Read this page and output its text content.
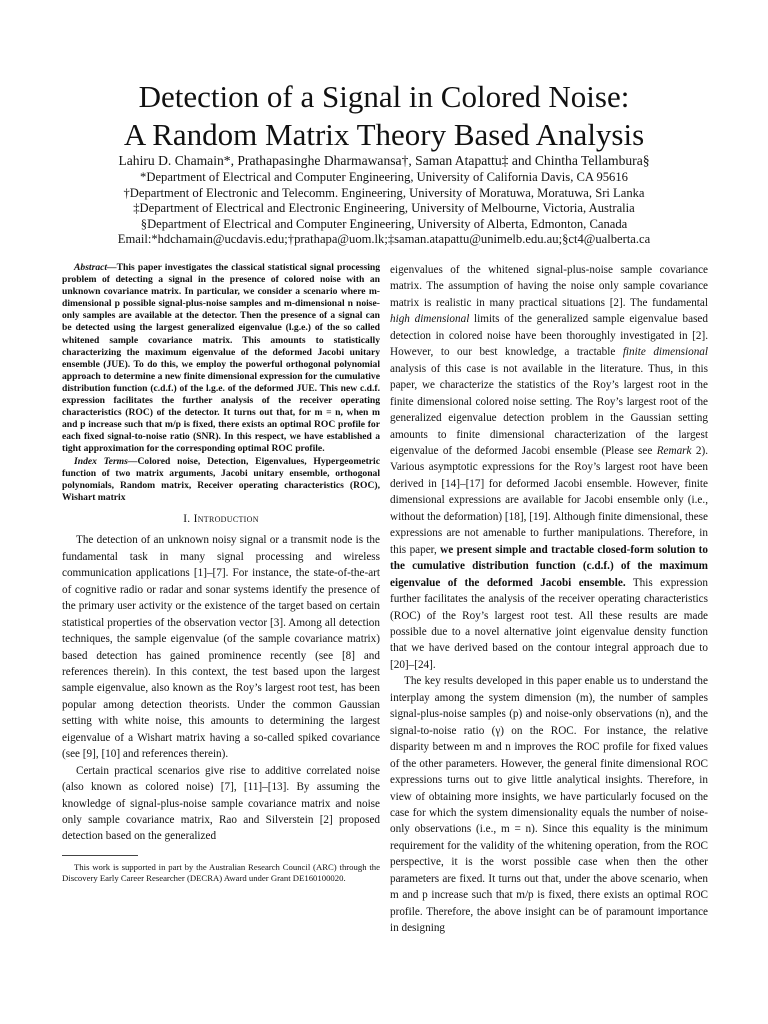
Detection of a Signal in Colored Noise:
A Random Matrix Theory Based Analysis
Lahiru D. Chamain*, Prathapasinghe Dharmawansa†, Saman Atapattu‡ and Chintha Tellambura§
*Department of Electrical and Computer Engineering, University of California Davis, CA 95616
†Department of Electronic and Telecomm. Engineering, University of Moratuwa, Moratuwa, Sri Lanka
‡Department of Electrical and Electronic Engineering, University of Melbourne, Victoria, Australia
§Department of Electrical and Computer Engineering, University of Alberta, Edmonton, Canada
Email:*hdchamain@ucdavis.edu;†prathapa@uom.lk;‡saman.atapattu@unimelb.edu.au;§ct4@ualberta.ca

Abstract—This paper investigates the classical statistical signal processing problem of detecting a signal in the presence of colored noise with an unknown covariance matrix. In particular, we consider a scenario where m-dimensional p possible signal-plus-noise samples and m-dimensional n noise-only samples are available at the detector. Then the presence of a signal can be detected using the largest generalized eigenvalue (l.g.e.) of the so called whitened sample covariance matrix. This amounts to statistically characterizing the maximum eigenvalue of the deformed Jacobi unitary ensemble (JUE). To do this, we employ the powerful orthogonal polynomial approach to determine a new finite dimensional expression for the cumulative distribution function (c.d.f.) of the l.g.e. of the deformed JUE. This new c.d.f. expression facilitates the further analysis of the receiver operating characteristics (ROC) of the detector. It turns out that, for m = n, when m and p increase such that m/p is fixed, there exists an optimal ROC profile for each fixed signal-to-noise ratio (SNR). In this respect, we have established a tight approximation for the corresponding optimal ROC profile.

Index Terms—Colored noise, Detection, Eigenvalues, Hypergeometric function of two matrix arguments, Jacobi unitary ensemble, orthogonal polynomials, Random matrix, Receiver operating characteristics (ROC), Wishart matrix

I. Introduction

The detection of an unknown noisy signal or a transmit node is the fundamental task in many signal processing and wireless communication applications [1]–[7]. For instance, the state-of-the-art of cognitive radio or radar and sonar systems identify the presence of the primary user activity or the existence of the target based on certain statistical properties of the observation vector [3]. Among all detection techniques, the sample eigenvalue (of the sample covariance matrix) based detection has gained prominence recently (see [8] and references therein). In this context, the test based upon the largest sample eigenvalue, also known as the Roy’s largest root test, has been popular among detection theorists. Under the common Gaussian setting with white noise, this amounts to determining the largest eigenvalue of a Wishart matrix having a so-called spiked covariance (see [9], [10] and references therein).

Certain practical scenarios give rise to additive correlated noise (also known as colored noise) [7], [11]–[13]. By assuming the knowledge of signal-plus-noise sample covariance matrix and noise only sample covariance matrix, Rao and Silverstein [2] proposed detection based on the generalized

This work is supported in part by the Australian Research Council (ARC) through the Discovery Early Career Researcher (DECRA) Award under Grant DE160100020.

eigenvalues of the whitened signal-plus-noise sample covariance matrix. The assumption of having the noise only sample covariance matrix is realistic in many practical situations [2]. The fundamental high dimensional limits of the generalized sample eigenvalue based detection in colored noise have been thoroughly investigated in [2]. However, to our best knowledge, a tractable finite dimensional analysis of this case is not available in the literature. Thus, in this paper, we characterize the statistics of the Roy’s largest root in the finite dimensional colored noise setting. The Roy’s largest root of the generalized eigenvalue detection problem in the Gaussian setting amounts to finite dimensional characterization of the largest eigenvalue of the deformed Jacobi ensemble (Please see Remark 2). Various asymptotic expressions for the Roy’s largest root have been derived in [14]–[17] for deformed Jacobi ensemble. However, finite dimensional expressions are available for Jacobi ensemble only (i.e., without the deformation) [18], [19]. Although finite dimensional, these expressions are not amenable to further manipulations. Therefore, in this paper, we present simple and tractable closed-form solution to the cumulative distribution function (c.d.f.) of the maximum eigenvalue of the deformed Jacobi ensemble. This expression further facilitates the analysis of the receiver operating characteristics (ROC) of the Roy’s largest root test. All these results are made possible due to a novel alternative joint eigenvalue density function that we have derived based on the contour integral approach due to [20]–[24].

The key results developed in this paper enable us to understand the interplay among the system dimension (m), the number of samples signal-plus-noise samples (p) and noise-only observations (n), and the signal-to-noise ratio (γ) on the ROC. For instance, the relative disparity between m and n improves the ROC profile for fixed values of the other parameters. However, the general finite dimensional ROC expressions turns out to give little analytical insights. Therefore, in view of obtaining more insights, we have particularly focused on the case for which the system dimensionality equals the number of noise-only observations (i.e., m = n). Since this equality is the minimum requirement for the validity of the whitening operation, from the ROC perspective, it is the worst possible case when then the other parameters are fixed. It turns out that, under the above scenario, when m and p increase such that m/p is fixed, there exists an optimal ROC profile. Therefore, the above insight can be of paramount importance in designing
